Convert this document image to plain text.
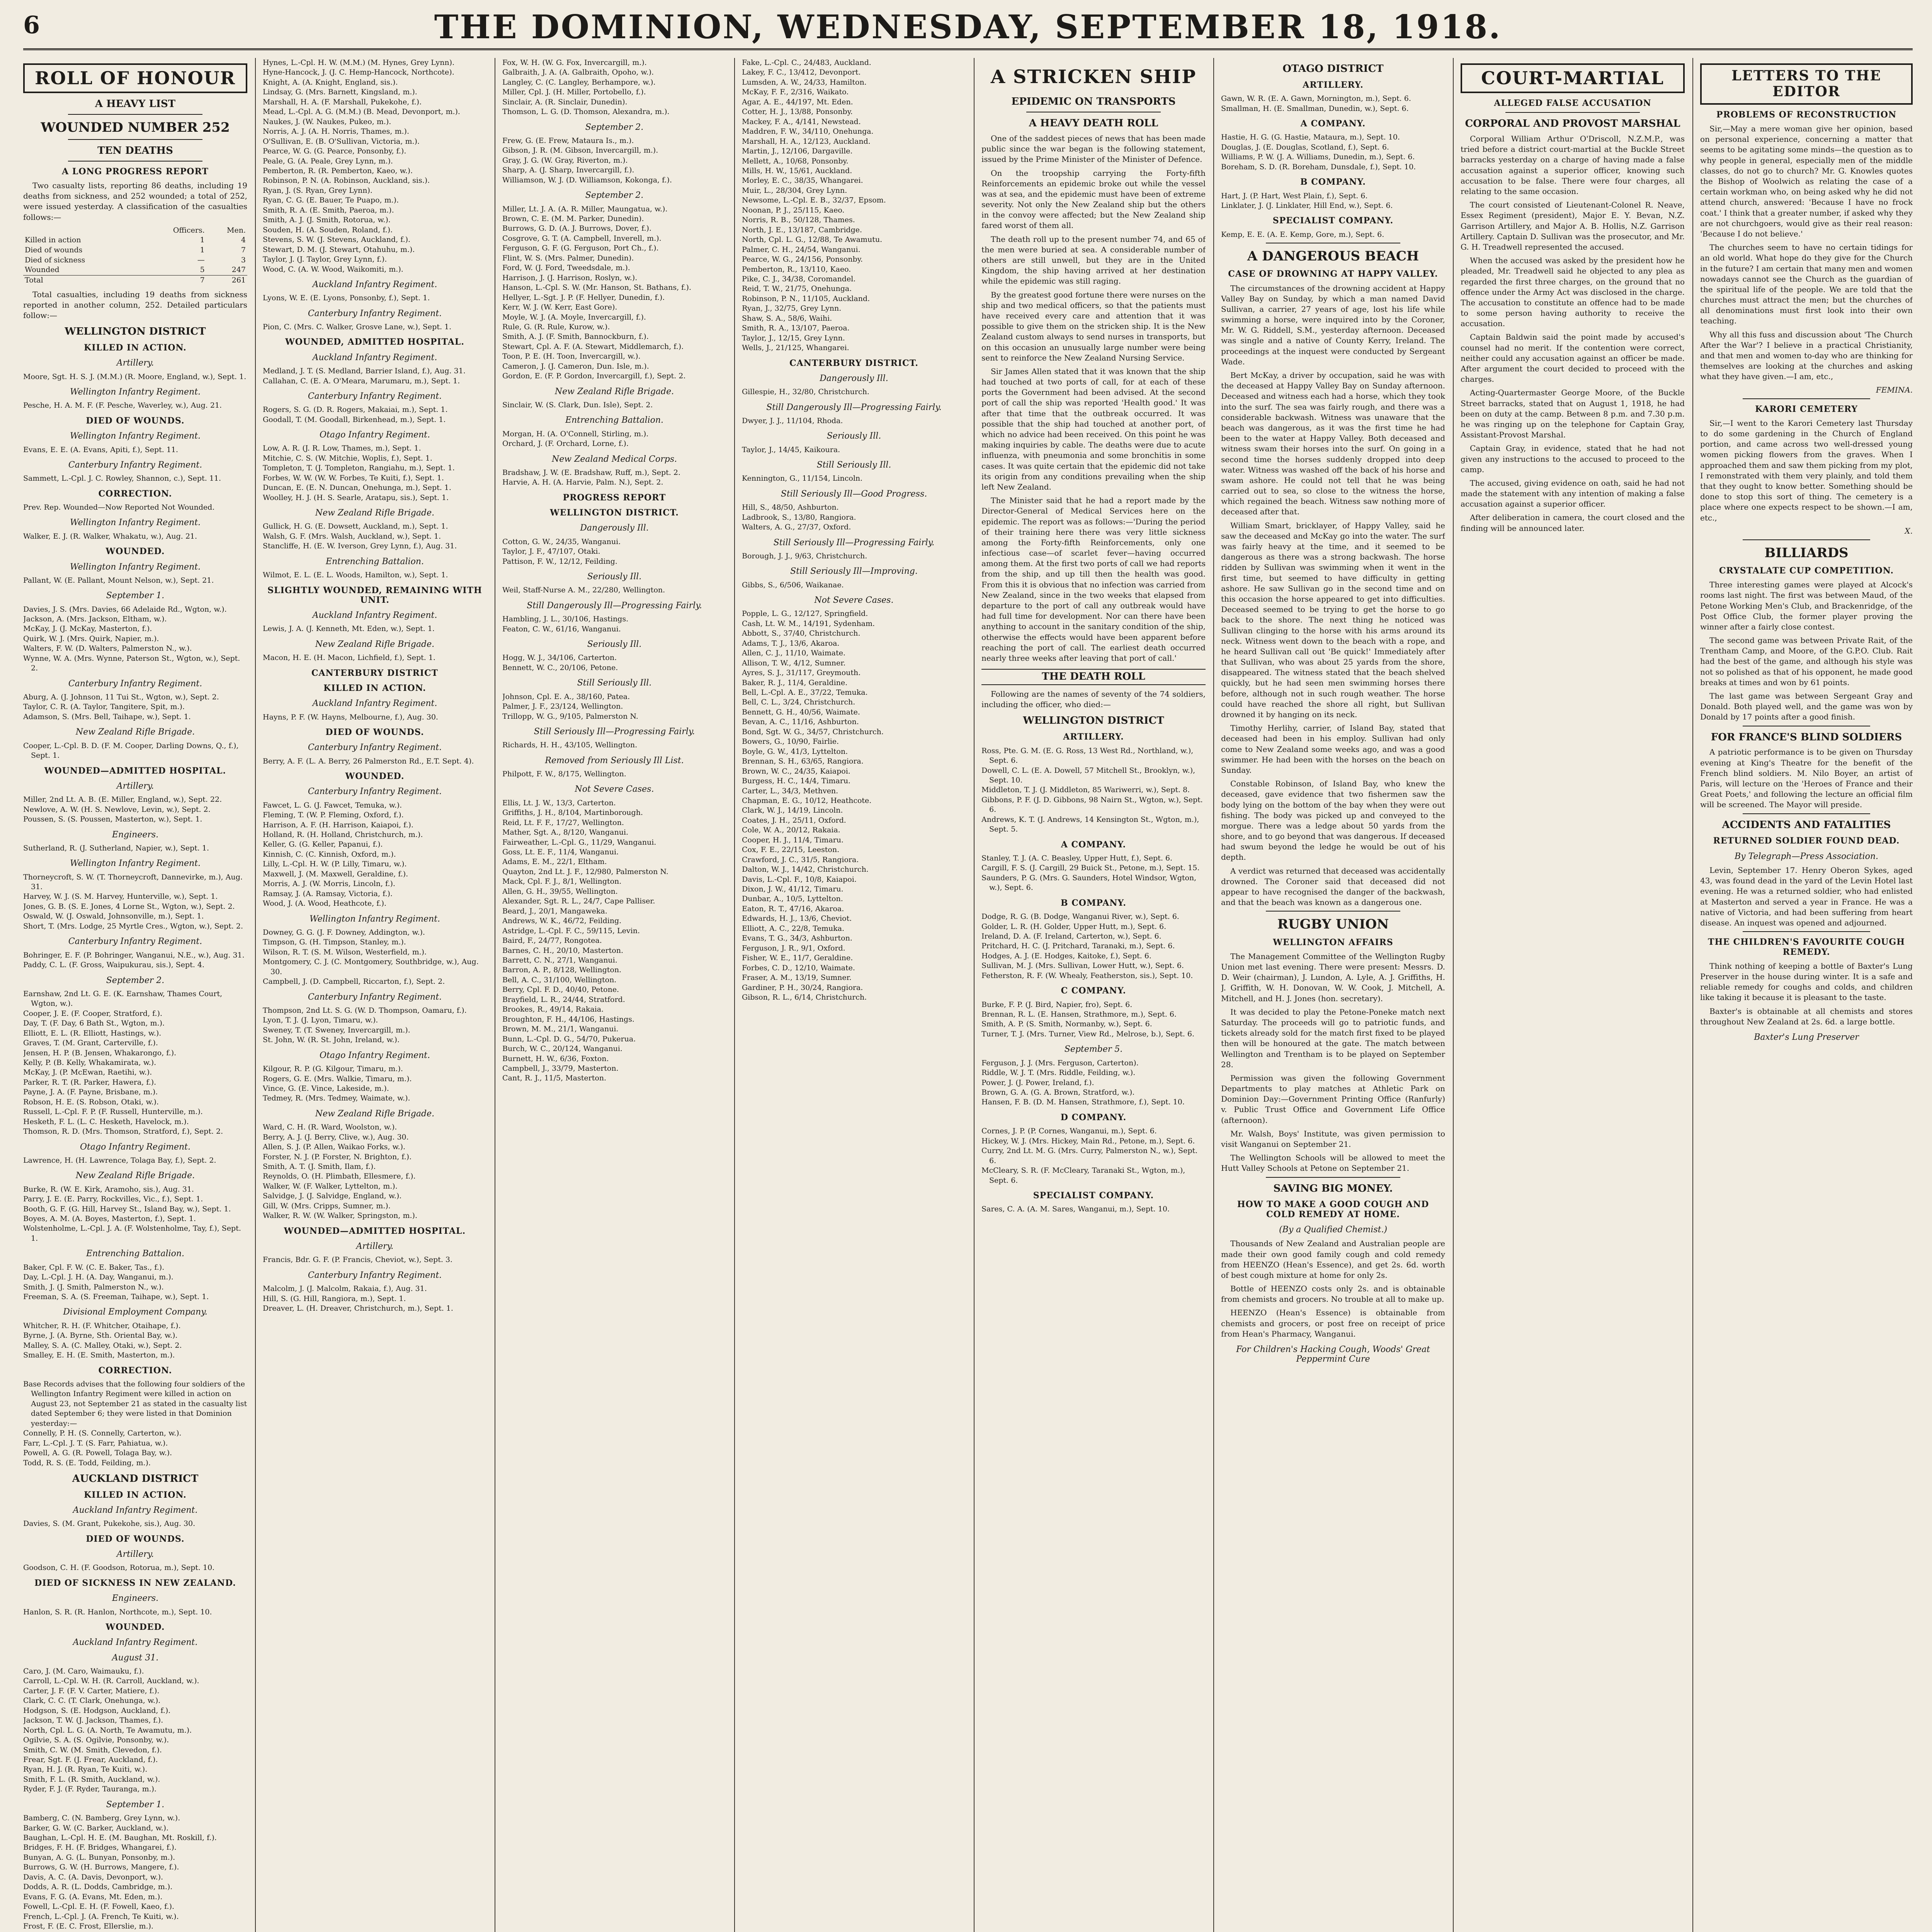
6	THE DOMINION, WEDNESDAY, SEPTEMBER 18, 1918.
ROLL OF HONOUR
A HEAVY LIST
WOUNDED NUMBER 252
TEN DEATHS
A LONG PROGRESS REPORT

Two casualty lists, reporting 86 deaths, including 19 deaths from sickness, and 252 wounded; a total of 252, were issued yesterday. A classification of the casualties follows:—

	Officers.	Men.
Killed in action	1	4
Died of wounds	1	7
Died of sickness	—	3
Wounded	5	247
Total	7	261

Total casualties, including 19 deaths from sickness reported in another column, 252. Detailed particulars follow:—

WELLINGTON DISTRICT
KILLED IN ACTION.
Artillery.
Moore, Sgt. H. S. J. (M.M.) (R. Moore, England, w.), Sept. 1.
Wellington Infantry Regiment.
Pesche, H. A. M. F. (F. Pesche, Waverley, w.), Aug. 21.
DIED OF WOUNDS.
Wellington Infantry Regiment.
Evans, E. E. (A. Evans, Apiti, f.), Sept. 11.
Canterbury Infantry Regiment.
Sammett, L.-Cpl. J. C. Rowley, Shannon, c.), Sept. 11.
CORRECTION.
Prev. Rep. Wounded—Now Reported Not Wounded.
Wellington Infantry Regiment.
Walker, E. J. (R. Walker, Whakatu, w.), Aug. 21.
WOUNDED.
Wellington Infantry Regiment.
Pallant, W. (E. Pallant, Mount Nelson, w.), Sept. 21.
September 1.
Davies, J. S. (Mrs. Davies, 66 Adelaide Rd., Wgton, w.).
Jackson, A. (Mrs. Jackson, Eltham, w.).
McKay, J. (J. McKay, Masterton, f.).
Quirk, W. J. (Mrs. Quirk, Napier, m.).
Walters, F. W. (D. Walters, Palmerston N., w.).
Wynne, W. A. (Mrs. Wynne, Paterson St., Wgton, w.), Sept. 2.
Canterbury Infantry Regiment.
Aburg, A. (J. Johnson, 11 Tui St., Wgton, w.), Sept. 2.
Taylor, C. R. (A. Taylor, Tangitere, Spit, m.).
Adamson, S. (Mrs. Bell, Taihape, w.), Sept. 1.
New Zealand Rifle Brigade.
Cooper, L.-Cpl. B. D. (F. M. Cooper, Darling Downs, Q., f.), Sept. 1.
WOUNDED—ADMITTED HOSPITAL.
Artillery.
Miller, 2nd Lt. A. B. (E. Miller, England, w.), Sept. 22.
Newlove, A. W. (H. S. Newlove, Levin, w.), Sept. 2.
Poussen, S. (S. Poussen, Masterton, w.), Sept. 1.
Engineers.
Sutherland, R. (J. Sutherland, Napier, w.), Sept. 1.
Wellington Infantry Regiment.
Thorneycroft, S. W. (T. Thorneycroft, Dannevirke, m.), Aug. 31.
Harvey, W. J. (S. M. Harvey, Hunterville, w.), Sept. 1.
Jones, G. B. (S. E. Jones, 4 Lorne St., Wgton, w.), Sept. 2.
Oswald, W. (J. Oswald, Johnsonville, m.), Sept. 1.
Short, T. (Mrs. Lodge, 25 Myrtle Cres., Wgton, w.), Sept. 2.
Canterbury Infantry Regiment.
Bohringer, E. F. (P. Bohringer, Wanganui, N.E., w.), Aug. 31.
Paddy, C. L. (F. Gross, Waipukurau, sis.), Sept. 4.
September 2.
Earnshaw, 2nd Lt. G. E. (K. Earnshaw, Thames Court, Wgton, w.).
Cooper, J. E. (F. Cooper, Stratford, f.).
Day, T. (F. Day, 6 Bath St., Wgton, m.).
Elliott, E. L. (R. Elliott, Hastings, w.).
Graves, T. (M. Grant, Carterville, f.).
Jensen, H. P. (B. Jensen, Whakarongo, f.).
Kelly, P. (B. Kelly, Whakamirata, w.).
McKay, J. (P. McEwan, Raetihi, w.).
Parker, R. T. (R. Parker, Hawera, f.).
Payne, J. A. (F. Payne, Brisbane, m.).
Robson, H. E. (S. Robson, Otaki, w.).
Russell, L.-Cpl. F. P. (F. Russell, Hunterville, m.).
Hesketh, F. L. (L. C. Hesketh, Havelock, m.).
Thomson, R. D. (Mrs. Thomson, Stratford, f.), Sept. 2.
Otago Infantry Regiment.
Lawrence, H. (H. Lawrence, Tolaga Bay, f.), Sept. 2.
New Zealand Rifle Brigade.
Burke, R. (W. E. Kirk, Aramoho, sis.), Aug. 31.
Parry, J. E. (E. Parry, Rockvilles, Vic., f.), Sept. 1.
Booth, G. F. (G. Hill, Harvey St., Island Bay, w.), Sept. 1.
Boyes, A. M. (A. Boyes, Masterton, f.), Sept. 1.
Wolstenholme, L.-Cpl. J. A. (F. Wolstenholme, Tay, f.), Sept. 1.
Entrenching Battalion.
Baker, Cpl. F. W. (C. E. Baker, Tas., f.).
Day, L.-Cpl. J. H. (A. Day, Wanganui, m.).
Smith, J. (J. Smith, Palmerston N., w.).
Freeman, S. A. (S. Freeman, Taihape, w.), Sept. 1.
Divisional Employment Company.
Whitcher, R. H. (F. Whitcher, Otaihape, f.).
Byrne, J. (A. Byrne, Sth. Oriental Bay, w.).
Malley, S. A. (C. Malley, Otaki, w.), Sept. 2.
Smalley, E. H. (E. Smith, Masterton, m.).
CORRECTION.
Base Records advises that the following four soldiers of the Wellington Infantry Regiment were killed in action on August 23, not September 21 as stated in the casualty list dated September 6; they were listed in that Dominion yesterday:—
Connelly, P. H. (S. Connelly, Carterton, w.).
Farr, L.-Cpl. J. T. (S. Farr, Pahiatua, w.).
Powell, A. G. (R. Powell, Tolaga Bay, w.).
Todd, R. S. (E. Todd, Feilding, m.).
AUCKLAND DISTRICT
KILLED IN ACTION.
Auckland Infantry Regiment.
Davies, S. (M. Grant, Pukekohe, sis.), Aug. 30.
DIED OF WOUNDS.
Artillery.
Goodson, C. H. (F. Goodson, Rotorua, m.), Sept. 10.
DIED OF SICKNESS IN NEW ZEALAND.
Engineers.
Hanlon, S. R. (R. Hanlon, Northcote, m.), Sept. 10.
WOUNDED.
Auckland Infantry Regiment.
August 31.
Caro, J. (M. Caro, Waimauku, f.).
Carroll, L.-Cpl. W. H. (R. Carroll, Auckland, w.).
Carter, J. F. (F. V. Carter, Matiere, f.).
Clark, C. C. (T. Clark, Onehunga, w.).
Hodgson, S. (E. Hodgson, Auckland, f.).
Jackson, T. W. (J. Jackson, Thames, f.).
North, Cpl. L. G. (A. North, Te Awamutu, m.).
Ogilvie, S. A. (S. Ogilvie, Ponsonby, w.).
Smith, C. W. (M. Smith, Clevedon, f.).
Frear, Sgt. F. (J. Frear, Auckland, f.).
Ryan, H. J. (R. Ryan, Te Kuiti, w.).
Smith, F. L. (R. Smith, Auckland, w.).
Ryder, F. J. (F. Ryder, Tauranga, m.).
September 1.
Bamberg, C. (N. Bamberg, Grey Lynn, w.).
Barker, G. W. (C. Barker, Auckland, w.).
Baughan, L.-Cpl. H. E. (M. Baughan, Mt. Roskill, f.).
Bridges, F. H. (F. Bridges, Whangarei, f.).
Bunyan, A. G. (L. Bunyan, Ponsonby, m.).
Burrows, G. W. (H. Burrows, Mangere, f.).
Davis, A. C. (A. Davis, Devonport, w.).
Dodds, A. R. (L. Dodds, Cambridge, m.).
Evans, F. G. (A. Evans, Mt. Eden, m.).
Fowell, L.-Cpl. E. H. (F. Fowell, Kaeo, f.).
French, L.-Cpl. J. (A. French, Te Kuiti, w.).
Frost, F. (E. C. Frost, Ellerslie, m.).
Hynes, L.-Cpl. H. W. (M.M.) (M. Hynes, Grey Lynn).
Hyne-Hancock, J. (J. C. Hemp-Hancock, Northcote).
Knight, A. (A. Knight, England, sis.).
Lindsay, G. (Mrs. Barnett, Kingsland, m.).
Marshall, H. A. (F. Marshall, Pukekohe, f.).
Mead, L.-Cpl. A. G. (M.M.) (B. Mead, Devonport, m.).
Naukes, J. (W. Naukes, Pukeo, m.).
Norris, A. J. (A. H. Norris, Thames, m.).
O'Sullivan, E. (B. O'Sullivan, Victoria, m.).
Pearce, W. G. (G. Pearce, Ponsonby, f.).
Peale, G. (A. Peale, Grey Lynn, m.).
Pemberton, R. (R. Pemberton, Kaeo, w.).
Robinson, P. N. (A. Robinson, Auckland, sis.).
Ryan, J. (S. Ryan, Grey Lynn).
Ryan, C. G. (E. Bauer, Te Puapo, m.).
Smith, R. A. (E. Smith, Paeroa, m.).
Smith, A. J. (J. Smith, Rotorua, w.).
Souden, H. (A. Souden, Roland, f.).
Stevens, S. W. (J. Stevens, Auckland, f.).
Stewart, D. M. (J. Stewart, Otahuhu, m.).
Taylor, J. (J. Taylor, Grey Lynn, f.).
Wood, C. (A. W. Wood, Waikomiti, m.).
Auckland Infantry Regiment.
Lyons, W. E. (E. Lyons, Ponsonby, f.), Sept. 1.
Canterbury Infantry Regiment.
Pion, C. (Mrs. C. Walker, Grosve Lane, w.), Sept. 1.
WOUNDED, ADMITTED HOSPITAL.
Auckland Infantry Regiment.
Medland, J. T. (S. Medland, Barrier Island, f.), Aug. 31.
Callahan, C. (E. A. O'Meara, Marumaru, m.), Sept. 1.
Canterbury Infantry Regiment.
Rogers, S. G. (D. R. Rogers, Makaiai, m.), Sept. 1.
Goodall, T. (M. Goodall, Birkenhead, m.), Sept. 1.
Otago Infantry Regiment.
Low, A. R. (J. R. Low, Thames, m.), Sept. 1.
Mitchie, C. S. (W. Mitchie, Woplis, f.), Sept. 1.
Tompleton, T. (J. Tompleton, Rangiahu, m.), Sept. 1.
Forbes, W. W. (W. W. Forbes, Te Kuiti, f.), Sept. 1.
Duncan, E. (E. N. Duncan, Onehunga, m.), Sept. 1.
Woolley, H. J. (H. S. Searle, Aratapu, sis.), Sept. 1.
New Zealand Rifle Brigade.
Gullick, H. G. (E. Dowsett, Auckland, m.), Sept. 1.
Walsh, G. F. (Mrs. Walsh, Auckland, w.), Sept. 1.
Stancliffe, H. (E. W. Iverson, Grey Lynn, f.), Aug. 31.
Entrenching Battalion.
Wilmot, E. L. (E. L. Woods, Hamilton, w.), Sept. 1.
SLIGHTLY WOUNDED, REMAINING WITH UNIT.
Auckland Infantry Regiment.
Lewis, J. A. (J. Kenneth, Mt. Eden, w.), Sept. 1.
New Zealand Rifle Brigade.
Macon, H. E. (H. Macon, Lichfield, f.), Sept. 1.
CANTERBURY DISTRICT
KILLED IN ACTION.
Auckland Infantry Regiment.
Hayns, P. F. (W. Hayns, Melbourne, f.), Aug. 30.
DIED OF WOUNDS.
Canterbury Infantry Regiment.
Berry, A. F. (L. A. Berry, 26 Palmerston Rd., E.T. Sept. 4).
WOUNDED.
Canterbury Infantry Regiment.
Fawcet, L. G. (J. Fawcet, Temuka, w.).
Fleming, T. (W. P. Fleming, Oxford, f.).
Harrison, A. F. (H. Harrison, Kaiapoi, f.).
Holland, R. (H. Holland, Christchurch, m.).
Keller, G. (G. Keller, Papanui, f.).
Kinnish, C. (C. Kinnish, Oxford, m.).
Lilly, L.-Cpl. H. W. (P. Lilly, Timaru, w.).
Maxwell, J. (M. Maxwell, Geraldine, f.).
Morris, A. J. (W. Morris, Lincoln, f.).
Ramsay, J. (A. Ramsay, Victoria, f.).
Wood, J. (A. Wood, Heathcote, f.).
Wellington Infantry Regiment.
Downey, G. G. (J. F. Downey, Addington, w.).
Timpson, G. (H. Timpson, Stanley, m.).
Wilson, R. T. (S. M. Wilson, Westerfield, m.).
Montgomery, C. J. (C. Montgomery, Southbridge, w.), Aug. 30.
Campbell, J. (D. Campbell, Riccarton, f.), Sept. 2.
Canterbury Infantry Regiment.
Thompson, 2nd Lt. S. G. (W. D. Thompson, Oamaru, f.).
Lyon, T. J. (J. Lyon, Timaru, w.).
Sweney, T. (T. Sweney, Invercargill, m.).
St. John, W. (R. St. John, Ireland, w.).
Otago Infantry Regiment.
Kilgour, R. P. (G. Kilgour, Timaru, m.).
Rogers, G. E. (Mrs. Walkie, Timaru, m.).
Vince, G. (E. Vince, Lakeside, m.).
Tedmey, R. (Mrs. Tedmey, Waimate, w.).
New Zealand Rifle Brigade.
Ward, C. H. (R. Ward, Woolston, w.).
Berry, A. J. (J. Berry, Clive, w.), Aug. 30.
Allen, S. J. (P. Allen, Waikao Forks, w.).
Forster, N. J. (P. Forster, N. Brighton, f.).
Smith, A. T. (J. Smith, Ilam, f.).
Reynolds, O. (H. Plimbath, Ellesmere, f.).
Walker, W. (F. Walker, Lyttelton, m.).
Salvidge, J. (J. Salvidge, England, w.).
Gill, W. (Mrs. Cripps, Sumner, m.).
Walker, R. W. (W. Walker, Springston, m.).
WOUNDED—ADMITTED HOSPITAL.
Artillery.
Francis, Bdr. G. F. (P. Francis, Cheviot, w.), Sept. 3.
Canterbury Infantry Regiment.
Malcolm, J. (J. Malcolm, Rakaia, f.), Aug. 31.
Hill, S. (G. Hill, Rangiora, m.), Sept. 1.
Dreaver, L. (H. Dreaver, Christchurch, m.), Sept. 1.
Fox, W. H. (W. G. Fox, Invercargill, m.).
Galbraith, J. A. (A. Galbraith, Opoho, w.).
Langley, C. (C. Langley, Berhampore, w.).
Miller, Cpl. J. (H. Miller, Portobello, f.).
Sinclair, A. (R. Sinclair, Dunedin).
Thomson, L. G. (D. Thomson, Alexandra, m.).
September 2.
Frew, G. (E. Frew, Mataura Is., m.).
Gibson, J. R. (M. Gibson, Invercargill, m.).
Gray, J. G. (W. Gray, Riverton, m.).
Sharp, A. (J. Sharp, Invercargill, f.).
Williamson, W. J. (D. Williamson, Kokonga, f.).
September 2.
Miller, Lt. J. A. (A. R. Miller, Maungatua, w.).
Brown, C. E. (M. M. Parker, Dunedin).
Burrows, G. D. (A. J. Burrows, Dover, f.).
Cosgrove, G. T. (A. Campbell, Inverell, m.).
Ferguson, G. F. (G. Ferguson, Port Ch., f.).
Flint, W. S. (Mrs. Palmer, Dunedin).
Ford, W. (J. Ford, Tweedsdale, m.).
Harrison, J. (J. Harrison, Roslyn, w.).
Hanson, L.-Cpl. S. W. (Mr. Hanson, St. Bathans, f.).
Hellyer, L.-Sgt. J. P. (F. Hellyer, Dunedin, f.).
Kerr, W. J. (W. Kerr, East Gore).
Moyle, W. J. (A. Moyle, Invercargill, f.).
Rule, G. (R. Rule, Kurow, w.).
Smith, A. J. (F. Smith, Bannockburn, f.).
Stewart, Cpl. A. F. (A. Stewart, Middlemarch, f.).
Toon, P. E. (H. Toon, Invercargill, w.).
Cameron, J. (J. Cameron, Dun. Isle, m.).
Gordon, E. (F. P. Gordon, Invercargill, f.), Sept. 2.
New Zealand Rifle Brigade.
Sinclair, W. (S. Clark, Dun. Isle), Sept. 2.
Entrenching Battalion.
Morgan, H. (A. O'Connell, Stirling, m.).
Orchard, J. (F. Orchard, Lorne, f.).
New Zealand Medical Corps.
Bradshaw, J. W. (E. Bradshaw, Ruff, m.), Sept. 2.
Harvie, A. H. (A. Harvie, Palm. N.), Sept. 2.
PROGRESS REPORT
WELLINGTON DISTRICT.
Dangerously Ill.
Cotton, G. W., 24/35, Wanganui.
Taylor, J. F., 47/107, Otaki.
Pattison, F. W., 12/12, Feilding.
Seriously Ill.
Weil, Staff-Nurse A. M., 22/280, Wellington.
Still Dangerously Ill—Progressing Fairly.
Hambling, J. L., 30/106, Hastings.
Featon, C. W., 61/16, Wanganui.
Seriously Ill.
Hogg, W. J., 34/106, Carterton.
Bennett, W. C., 20/106, Petone.
Still Seriously Ill.
Johnson, Cpl. E. A., 38/160, Patea.
Palmer, J. F., 23/124, Wellington.
Trillopp, W. G., 9/105, Palmerston N.
Still Seriously Ill—Progressing Fairly.
Richards, H. H., 43/105, Wellington.
Removed from Seriously Ill List.
Philpott, F. W., 8/175, Wellington.
Not Severe Cases.
Ellis, Lt. J. W., 13/3, Carterton.
Griffiths, J. H., 8/104, Martinborough.
Reid, Lt. F. F., 17/27, Wellington.
Mather, Sgt. A., 8/120, Wanganui.
Fairweather, L.-Cpl. G., 11/29, Wanganui.
Goss, Lt. E. F., 11/4, Wanganui.
Adams, E. M., 22/1, Eltham.
Quayton, 2nd Lt. J. F., 12/980, Palmerston N.
Mack, Cpl. F. J., 8/1, Wellington.
Allen, G. H., 39/55, Wellington.
Alexander, Sgt. R. L., 24/7, Cape Palliser.
Beard, J., 20/1, Mangaweka.
Andrews, W. K., 46/72, Feilding.
Astridge, L.-Cpl. F. C., 59/115, Levin.
Baird, F., 24/77, Rongotea.
Barnes, C. H., 20/10, Masterton.
Barrett, C. N., 27/1, Wanganui.
Barron, A. P., 8/128, Wellington.
Bell, A. C., 31/100, Wellington.
Berry, Cpl. F. D., 40/40, Petone.
Brayfield, L. R., 24/44, Stratford.
Brookes, R., 49/14, Rakaia.
Broughton, F. H., 44/106, Hastings.
Brown, M. M., 21/1, Wanganui.
Bunn, L.-Cpl. D. G., 54/70, Pukerua.
Burch, W. C., 20/124, Wanganui.
Burnett, H. W., 6/36, Foxton.
Campbell, J., 33/79, Masterton.
Cant, R. J., 11/5, Masterton.
Fake, L.-Cpl. C., 24/483, Auckland.
Lakey, F. C., 13/412, Devonport.
Lumsden, A. W., 24/33, Hamilton.
McKay, F. F., 2/316, Waikato.
Agar, A. E., 44/197, Mt. Eden.
Cotter, H. J., 13/88, Ponsonby.
Mackey, F. A., 4/141, Newstead.
Maddren, F. W., 34/110, Onehunga.
Marshall, H. A., 12/123, Auckland.
Martin, J., 12/106, Dargaville.
Mellett, A., 10/68, Ponsonby.
Mills, H. W., 15/61, Auckland.
Morley, E. C., 38/35, Whangarei.
Muir, L., 28/304, Grey Lynn.
Newsome, L.-Cpl. E. B., 32/37, Epsom.
Noonan, P. J., 25/115, Kaeo.
Norris, R. B., 50/128, Thames.
North, J. E., 13/187, Cambridge.
North, Cpl. L. G., 12/88, Te Awamutu.
Palmer, C. H., 24/54, Wanganui.
Pearce, W. G., 24/156, Ponsonby.
Pemberton, R., 13/110, Kaeo.
Pike, C. J., 34/38, Coromandel.
Reid, T. W., 21/75, Onehunga.
Robinson, P. N., 11/105, Auckland.
Ryan, J., 32/75, Grey Lynn.
Shaw, S. A., 58/6, Waihi.
Smith, R. A., 13/107, Paeroa.
Taylor, J., 12/15, Grey Lynn.
Wells, J., 21/125, Whangarei.
CANTERBURY DISTRICT.
Dangerously Ill.
Gillespie, H., 32/80, Christchurch.
Still Dangerously Ill—Progressing Fairly.
Dwyer, J. J., 11/104, Rhoda.
Seriously Ill.
Taylor, J., 14/45, Kaikoura.
Still Seriously Ill.
Kennington, G., 11/154, Lincoln.
Still Seriously Ill—Good Progress.
Hill, S., 48/50, Ashburton.
Ladbrook, S., 13/80, Rangiora.
Walters, A. G., 27/37, Oxford.
Still Seriously Ill—Progressing Fairly.
Borough, J. J., 9/63, Christchurch.
Still Seriously Ill—Improving.
Gibbs, S., 6/506, Waikanae.
Not Severe Cases.
Popple, L. G., 12/127, Springfield.
Cash, Lt. W. M., 14/191, Sydenham.
Abbott, S., 37/40, Christchurch.
Adams, T. J., 13/6, Akaroa.
Allen, C. J., 11/10, Waimate.
Allison, T. W., 4/12, Sumner.
Ayres, S. J., 31/117, Greymouth.
Baker, R. J., 11/4, Geraldine.
Bell, L.-Cpl. A. E., 37/22, Temuka.
Bell, C. L., 3/24, Christchurch.
Bennett, G. H., 40/56, Waimate.
Bevan, A. C., 11/16, Ashburton.
Bond, Sgt. W. G., 34/57, Christchurch.
Bowers, G., 10/90, Fairlie.
Boyle, G. W., 41/3, Lyttelton.
Brennan, S. H., 63/65, Rangiora.
Brown, W. C., 24/35, Kaiapoi.
Burgess, H. C., 14/4, Timaru.
Carter, L., 34/3, Methven.
Chapman, E. G., 10/12, Heathcote.
Clark, W. J., 14/19, Lincoln.
Coates, J. H., 25/11, Oxford.
Cole, W. A., 20/12, Rakaia.
Cooper, H. J., 11/4, Timaru.
Cox, F. E., 22/15, Leeston.
Crawford, J. C., 31/5, Rangiora.
Dalton, W. J., 14/42, Christchurch.
Davis, L.-Cpl. F., 10/8, Kaiapoi.
Dixon, J. W., 41/12, Timaru.
Dunbar, A., 10/5, Lyttelton.
Eaton, R. T., 47/16, Akaroa.
Edwards, H. J., 13/6, Cheviot.
Elliott, A. C., 22/8, Temuka.
Evans, T. G., 34/3, Ashburton.
Ferguson, J. R., 9/1, Oxford.
Fisher, W. E., 11/7, Geraldine.
Forbes, C. D., 12/10, Waimate.
Fraser, A. M., 13/19, Sumner.
Gardiner, P. H., 30/24, Rangiora.
Gibson, R. L., 6/14, Christchurch.
A STRICKEN SHIP
EPIDEMIC ON TRANSPORTS
A HEAVY DEATH ROLL

One of the saddest pieces of news that has been made public since the war began is the following statement, issued by the Prime Minister of the Minister of Defence.

On the troopship carrying the Forty-fifth Reinforcements an epidemic broke out while the vessel was at sea, and the epidemic must have been of extreme severity. Not only the New Zealand ship but the others in the convoy were affected; but the New Zealand ship fared worst of them all.

The death roll up to the present number 74, and 65 of the men were buried at sea. A considerable number of others are still unwell, but they are in the United Kingdom, the ship having arrived at her destination while the epidemic was still raging.

By the greatest good fortune there were nurses on the ship and two medical officers, so that the patients must have received every care and attention that it was possible to give them on the stricken ship. It is the New Zealand custom always to send nurses in transports, but on this occasion an unusually large number were being sent to reinforce the New Zealand Nursing Service.

Sir James Allen stated that it was known that the ship had touched at two ports of call, for at each of these ports the Government had been advised. At the second port of call the ship was reported 'Health good.' It was after that time that the outbreak occurred. It was possible that the ship had touched at another port, of which no advice had been received. On this point he was making inquiries by cable. The deaths were due to acute influenza, with pneumonia and some bronchitis in some cases. It was quite certain that the epidemic did not take its origin from any conditions prevailing when the ship left New Zealand.

The Minister said that he had a report made by the Director-General of Medical Services here on the epidemic. The report was as follows:—'During the period of their training here there was very little sickness among the Forty-fifth Reinforcements, only one infectious case—of scarlet fever—having occurred among them. At the first two ports of call we had reports from the ship, and up till then the health was good. From this it is obvious that no infection was carried from New Zealand, since in the two weeks that elapsed from departure to the port of call any outbreak would have had full time for development. Nor can there have been anything to account in the sanitary condition of the ship, otherwise the effects would have been apparent before reaching the port of call. The earliest death occurred nearly three weeks after leaving that port of call.'

THE DEATH ROLL

Following are the names of seventy of the 74 soldiers, including the officer, who died:—

WELLINGTON DISTRICT
ARTILLERY.
Ross, Pte. G. M. (E. G. Ross, 13 West Rd., Northland, w.), Sept. 6.
Dowell, C. L. (E. A. Dowell, 57 Mitchell St., Brooklyn, w.), Sept. 10.
Middleton, T. J. (J. Middleton, 85 Wariwerri, w.), Sept. 8.
Gibbons, P. F. (J. D. Gibbons, 98 Nairn St., Wgton, w.), Sept. 6.
Andrews, K. T. (J. Andrews, 14 Kensington St., Wgton, m.), Sept. 5.
A COMPANY.
Stanley, T. J. (A. C. Beasley, Upper Hutt, f.), Sept. 6.
Cargill, F. S. (J. Cargill, 29 Buick St., Petone, m.), Sept. 15.
Saunders, P. G. (Mrs. G. Saunders, Hotel Windsor, Wgton, w.), Sept. 6.
B COMPANY.
Dodge, R. G. (B. Dodge, Wanganui River, w.), Sept. 6.
Golder, L. R. (H. Golder, Upper Hutt, m.), Sept. 6.
Ireland, D. A. (F. Ireland, Carterton, w.), Sept. 6.
Pritchard, H. C. (J. Pritchard, Taranaki, m.), Sept. 6.
Hodges, A. J. (E. Hodges, Kaitoke, f.), Sept. 6.
Sullivan, M. J. (Mrs. Sullivan, Lower Hutt, w.), Sept. 6.
Fetherston, R. F. (W. Whealy, Featherston, sis.), Sept. 10.
C COMPANY.
Burke, F. P. (J. Bird, Napier, fro), Sept. 6.
Brennan, R. L. (E. Hansen, Strathmore, m.), Sept. 6.
Smith, A. P. (S. Smith, Normanby, w.), Sept. 6.
Turner, T. J. (Mrs. Turner, View Rd., Melrose, b.), Sept. 6.
September 5.
Ferguson, J. J. (Mrs. Ferguson, Carterton).
Riddle, W. J. T. (Mrs. Riddle, Feilding, w.).
Power, J. (J. Power, Ireland, f.).
Brown, G. A. (G. A. Brown, Stratford, w.).
Hansen, F. B. (D. M. Hansen, Strathmore, f.), Sept. 10.
D COMPANY.
Cornes, J. P. (P. Cornes, Wanganui, m.), Sept. 6.
Hickey, W. J. (Mrs. Hickey, Main Rd., Petone, m.), Sept. 6.
Curry, 2nd Lt. M. G. (Mrs. Curry, Palmerston N., w.), Sept. 6.
McCleary, S. R. (F. McCleary, Taranaki St., Wgton, m.), Sept. 6.
SPECIALIST COMPANY.
Sares, C. A. (A. M. Sares, Wanganui, m.), Sept. 10.
OTAGO DISTRICT
ARTILLERY.
Gawn, W. R. (E. A. Gawn, Mornington, m.), Sept. 6.
Smallman, H. (E. Smallman, Dunedin, w.), Sept. 6.
A COMPANY.
Hastie, H. G. (G. Hastie, Mataura, m.), Sept. 10.
Douglas, J. (E. Douglas, Scotland, f.), Sept. 6.
Williams, P. W. (J. A. Williams, Dunedin, m.), Sept. 6.
Boreham, S. D. (R. Boreham, Dunsdale, f.), Sept. 10.
B COMPANY.
Hart, J. (P. Hart, West Plain, f.), Sept. 6.
Linklater, J. (J. Linklater, Hill End, w.), Sept. 6.
SPECIALIST COMPANY.
Kemp, E. E. (A. E. Kemp, Gore, m.), Sept. 6.
A DANGEROUS BEACH
CASE OF DROWNING AT HAPPY VALLEY.

The circumstances of the drowning accident at Happy Valley Bay on Sunday, by which a man named David Sullivan, a carrier, 27 years of age, lost his life while swimming a horse, were inquired into by the Coroner, Mr. W. G. Riddell, S.M., yesterday afternoon. Deceased was single and a native of County Kerry, Ireland. The proceedings at the inquest were conducted by Sergeant Wade.

Bert McKay, a driver by occupation, said he was with the deceased at Happy Valley Bay on Sunday afternoon. Deceased and witness each had a horse, which they took into the surf. The sea was fairly rough, and there was a considerable backwash. Witness was unaware that the beach was dangerous, as it was the first time he had been to the water at Happy Valley. Both deceased and witness swam their horses into the surf. On going in a second time the horses suddenly dropped into deep water. Witness was washed off the back of his horse and swam ashore. He could not tell that he was being carried out to sea, so close to the witness the horse, which regained the beach. Witness saw nothing more of deceased after that.

William Smart, bricklayer, of Happy Valley, said he saw the deceased and McKay go into the water. The surf was fairly heavy at the time, and it seemed to be dangerous as there was a strong backwash. The horse ridden by Sullivan was swimming when it went in the first time, but seemed to have difficulty in getting ashore. He saw Sullivan go in the second time and on this occasion the horse appeared to get into difficulties. Deceased seemed to be trying to get the horse to go back to the shore. The next thing he noticed was Sullivan clinging to the horse with his arms around its neck. Witness went down to the beach with a rope, and he heard Sullivan call out 'Be quick!' Immediately after that Sullivan, who was about 25 yards from the shore, disappeared. The witness stated that the beach shelved quickly, but he had seen men swimming horses there before, although not in such rough weather. The horse could have reached the shore all right, but Sullivan drowned it by hanging on its neck.

Timothy Herlihy, carrier, of Island Bay, stated that deceased had been in his employ. Sullivan had only come to New Zealand some weeks ago, and was a good swimmer. He had been with the horses on the beach on Sunday.

Constable Robinson, of Island Bay, who knew the deceased, gave evidence that two fishermen saw the body lying on the bottom of the bay when they were out fishing. The body was picked up and conveyed to the morgue. There was a ledge about 50 yards from the shore, and to go beyond that was dangerous. If deceased had swum beyond the ledge he would be out of his depth.

A verdict was returned that deceased was accidentally drowned. The Coroner said that deceased did not appear to have recognised the danger of the backwash, and that the beach was known as a dangerous one.

RUGBY UNION
WELLINGTON AFFAIRS

The Management Committee of the Wellington Rugby Union met last evening. There were present: Messrs. D. D. Weir (chairman), J. Lundon, A. Lyle, A. J. Griffiths, H. J. Griffith, W. H. Donovan, W. W. Cook, J. Mitchell, A. Mitchell, and H. J. Jones (hon. secretary).

It was decided to play the Petone-Poneke match next Saturday. The proceeds will go to patriotic funds, and tickets already sold for the match first fixed to be played then will be honoured at the gate. The match between Wellington and Trentham is to be played on September 28.

Permission was given the following Government Departments to play matches at Athletic Park on Dominion Day:—Government Printing Office (Ranfurly) v. Public Trust Office and Government Life Office (afternoon).

Mr. Walsh, Boys' Institute, was given permission to visit Wanganui on September 21.

The Wellington Schools will be allowed to meet the Hutt Valley Schools at Petone on September 21.

SAVING BIG MONEY.
HOW TO MAKE A GOOD COUGH AND COLD REMEDY AT HOME.
(By a Qualified Chemist.)

Thousands of New Zealand and Australian people are made their own good family cough and cold remedy from HEENZO (Hean's Essence), and get 2s. 6d. worth of best cough mixture at home for only 2s.

Bottle of HEENZO costs only 2s. and is obtainable from chemists and grocers. No trouble at all to make up.

HEENZO (Hean's Essence) is obtainable from chemists and grocers, or post free on receipt of price from Hean's Pharmacy, Wanganui.

For Children's Hacking Cough, Woods' Great Peppermint Cure
COURT-MARTIAL
ALLEGED FALSE ACCUSATION
CORPORAL AND PROVOST MARSHAL

Corporal William Arthur O'Driscoll, N.Z.M.P., was tried before a district court-martial at the Buckle Street barracks yesterday on a charge of having made a false accusation against a superior officer, knowing such accusation to be false. There were four charges, all relating to the same occasion.

The court consisted of Lieutenant-Colonel R. Neave, Essex Regiment (president), Major E. Y. Bevan, N.Z. Garrison Artillery, and Major A. B. Hollis, N.Z. Garrison Artillery. Captain D. Sullivan was the prosecutor, and Mr. G. H. Treadwell represented the accused.

When the accused was asked by the president how he pleaded, Mr. Treadwell said he objected to any plea as regarded the first three charges, on the ground that no offence under the Army Act was disclosed in the charge. The accusation to constitute an offence had to be made to some person having authority to receive the accusation.

Captain Baldwin said the point made by accused's counsel had no merit. If the contention were correct, neither could any accusation against an officer be made. After argument the court decided to proceed with the charges.

Acting-Quartermaster George Moore, of the Buckle Street barracks, stated that on August 1, 1918, he had been on duty at the camp. Between 8 p.m. and 7.30 p.m. he was ringing up on the telephone for Captain Gray, Assistant-Provost Marshal.

Captain Gray, in evidence, stated that he had not given any instructions to the accused to proceed to the camp.

The accused, giving evidence on oath, said he had not made the statement with any intention of making a false accusation against a superior officer.

After deliberation in camera, the court closed and the finding will be announced later.

LETTERS TO THE EDITOR
PROBLEMS OF RECONSTRUCTION

Sir,—May a mere woman give her opinion, based on personal experience, concerning a matter that seems to be agitating some minds—the question as to why people in general, especially men of the middle classes, do not go to church? Mr. G. Knowles quotes the Bishop of Woolwich as relating the case of a certain workman who, on being asked why he did not attend church, answered: 'Because I have no frock coat.' I think that a greater number, if asked why they are not churchgoers, would give as their real reason: 'Because I do not believe.'

The churches seem to have no certain tidings for an old world. What hope do they give for the Church in the future? I am certain that many men and women nowadays cannot see the Church as the guardian of the spiritual life of the people. We are told that the churches must attract the men; but the churches of all denominations must first look into their own teaching.

Why all this fuss and discussion about 'The Church After the War'? I believe in a practical Christianity, and that men and women to-day who are thinking for themselves are looking at the churches and asking what they have given.—I am, etc.,

FEMINA.
KARORI CEMETERY

Sir,—I went to the Karori Cemetery last Thursday to do some gardening in the Church of England portion, and came across two well-dressed young women picking flowers from the graves. When I approached them and saw them picking from my plot, I remonstrated with them very plainly, and told them that they ought to know better. Something should be done to stop this sort of thing. The cemetery is a place where one expects respect to be shown.—I am, etc.,

X.
BILLIARDS
CRYSTALATE CUP COMPETITION.

Three interesting games were played at Alcock's rooms last night. The first was between Maud, of the Petone Working Men's Club, and Brackenridge, of the Post Office Club, the former player proving the winner after a fairly close contest.

The second game was between Private Rait, of the Trentham Camp, and Moore, of the G.P.O. Club. Rait had the best of the game, and although his style was not so polished as that of his opponent, he made good breaks at times and won by 61 points.

The last game was between Sergeant Gray and Donald. Both played well, and the game was won by Donald by 17 points after a good finish.

FOR FRANCE'S BLIND SOLDIERS

A patriotic performance is to be given on Thursday evening at King's Theatre for the benefit of the French blind soldiers. M. Nilo Boyer, an artist of Paris, will lecture on the 'Heroes of France and their Great Poets,' and following the lecture an official film will be screened. The Mayor will preside.

ACCIDENTS AND FATALITIES
RETURNED SOLDIER FOUND DEAD.
By Telegraph—Press Association.

Levin, September 17. Henry Oberon Sykes, aged 43, was found dead in the yard of the Levin Hotel last evening. He was a returned soldier, who had enlisted at Masterton and served a year in France. He was a native of Victoria, and had been suffering from heart disease. An inquest was opened and adjourned.

THE CHILDREN'S FAVOURITE COUGH REMEDY.

Think nothing of keeping a bottle of Baxter's Lung Preserver in the house during winter. It is a safe and reliable remedy for coughs and colds, and children like taking it because it is pleasant to the taste.

Baxter's is obtainable at all chemists and stores throughout New Zealand at 2s. 6d. a large bottle.

Baxter's Lung Preserver
